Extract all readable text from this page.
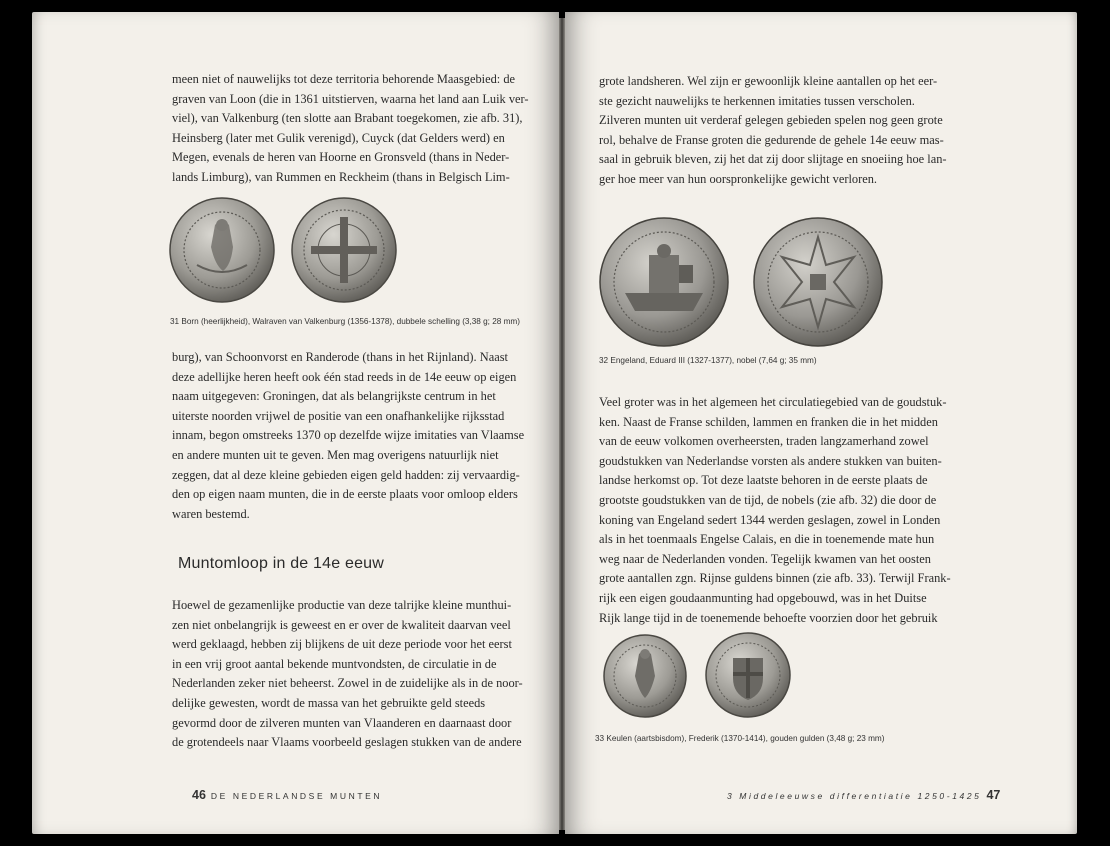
meen niet of nauwelijks tot deze territoria behorende Maasgebied: de
graven van Loon (die in 1361 uitstierven, waarna het land aan Luik ver-
viel), van Valkenburg (ten slotte aan Brabant toegekomen, zie afb. 31),
Heinsberg (later met Gulik verenigd), Cuyck (dat Gelders werd) en
Megen, evenals de heren van Hoorne en Gronsveld (thans in Neder-
lands Limburg), van Rummen en Reckheim (thans in Belgisch Lim-
31 Born (heerlijkheid), Walraven van Valkenburg (1356-1378), dubbele schelling (3,38 g; 28 mm)
burg), van Schoonvorst en Randerode (thans in het Rijnland). Naast
deze adellijke heren heeft ook één stad reeds in de 14e eeuw op eigen
naam uitgegeven: Groningen, dat als belangrijkste centrum in het
uiterste noorden vrijwel de positie van een onafhankelijke rijksstad
innam, begon omstreeks 1370 op dezelfde wijze imitaties van Vlaamse
en andere munten uit te geven. Men mag overigens natuurlijk niet
zeggen, dat al deze kleine gebieden eigen geld hadden: zij vervaardig-
den op eigen naam munten, die in de eerste plaats voor omloop elders
waren bestemd.
Muntomloop in de 14e eeuw
Hoewel de gezamenlijke productie van deze talrijke kleine munthui-
zen niet onbelangrijk is geweest en er over de kwaliteit daarvan veel
werd geklaagd, hebben zij blijkens de uit deze periode voor het eerst
in een vrij groot aantal bekende muntvondsten, de circulatie in de
Nederlanden zeker niet beheerst. Zowel in de zuidelijke als in de noor-
delijke gewesten, wordt de massa van het gebruikte geld steeds
gevormd door de zilveren munten van Vlaanderen en daarnaast door
de grotendeels naar Vlaams voorbeeld geslagen stukken van de andere
46 DE NEDERLANDSE MUNTEN
grote landsheren. Wel zijn er gewoonlijk kleine aantallen op het eer-
ste gezicht nauwelijks te herkennen imitaties tussen verscholen.
Zilveren munten uit verderaf gelegen gebieden spelen nog geen grote
rol, behalve de Franse groten die gedurende de gehele 14e eeuw mas-
saal in gebruik bleven, zij het dat zij door slijtage en snoeiing hoe lan-
ger hoe meer van hun oorspronkelijke gewicht verloren.
32 Engeland, Eduard III (1327-1377), nobel (7,64 g; 35 mm)
Veel groter was in het algemeen het circulatiegebied van de goudstuk-
ken. Naast de Franse schilden, lammen en franken die in het midden
van de eeuw volkomen overheersten, traden langzamerhand zowel
goudstukken van Nederlandse vorsten als andere stukken van buiten-
landse herkomst op. Tot deze laatste behoren in de eerste plaats de
grootste goudstukken van de tijd, de nobels (zie afb. 32) die door de
koning van Engeland sedert 1344 werden geslagen, zowel in Londen
als in het toenmaals Engelse Calais, en die in toenemende mate hun
weg naar de Nederlanden vonden. Tegelijk kwamen van het oosten
grote aantallen zgn. Rijnse guldens binnen (zie afb. 33). Terwijl Frank-
rijk een eigen goudaanmunting had opgebouwd, was in het Duitse
Rijk lange tijd in de toenemende behoefte voorzien door het gebruik
33 Keulen (aartsbisdom), Frederik (1370-1414), gouden gulden (3,48 g; 23 mm)
3 Middeleeuwse differentiatie 1250-1425 47
